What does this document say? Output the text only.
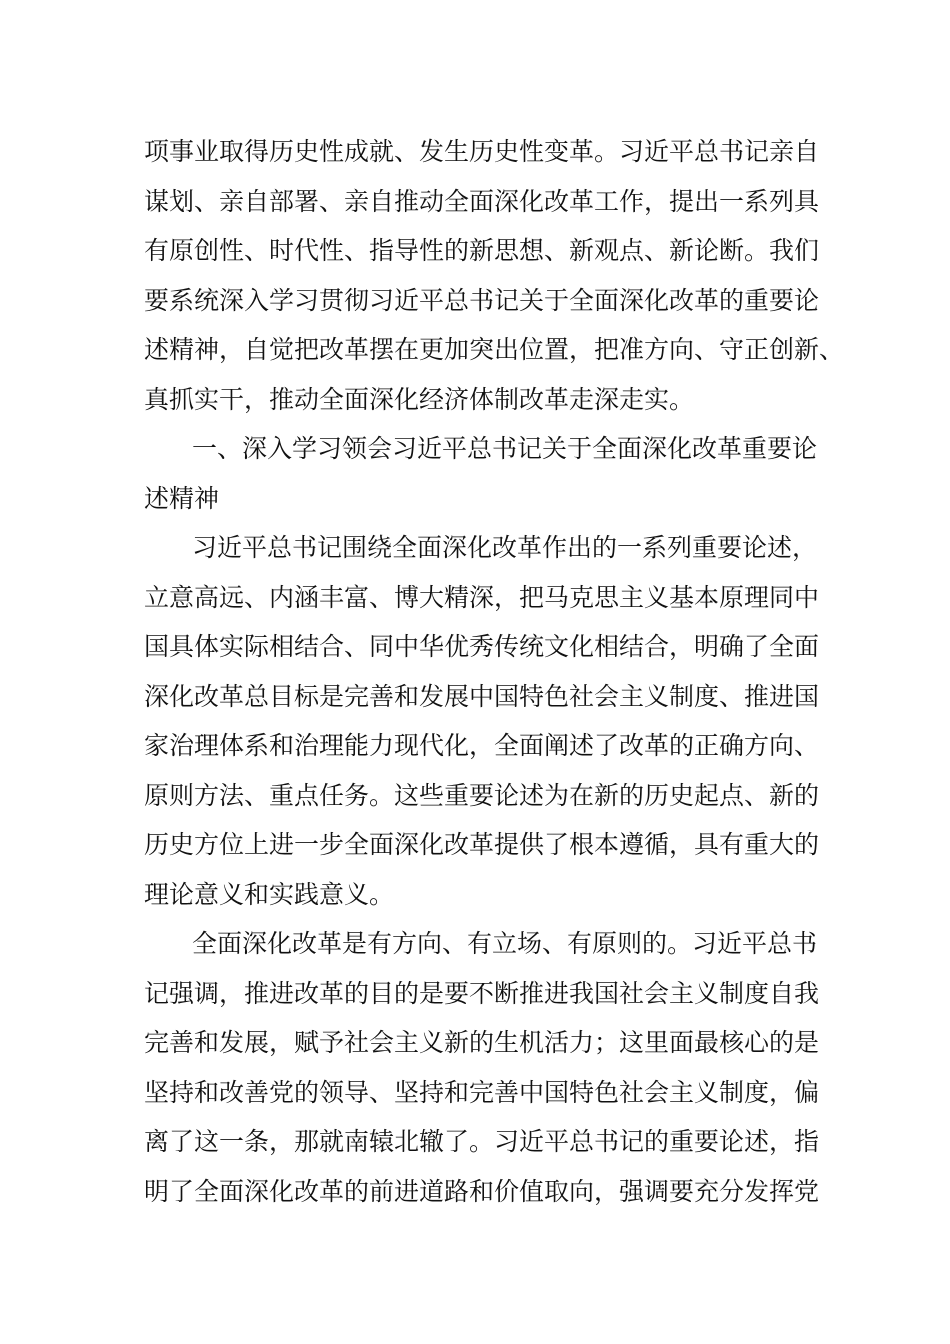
项事业取得历史性成就、发生历史性变革。习近平总书记亲自
谋划、亲自部署、亲自推动全面深化改革工作，提出一系列具
有原创性、时代性、指导性的新思想、新观点、新论断。我们
要系统深入学习贯彻习近平总书记关于全面深化改革的重要论
述精神，自觉把改革摆在更加突出位置，把准方向、守正创新、
真抓实干，推动全面深化经济体制改革走深走实。
一、深入学习领会习近平总书记关于全面深化改革重要论
述精神
习近平总书记围绕全面深化改革作出的一系列重要论述，
立意高远、内涵丰富、博大精深，把马克思主义基本原理同中
国具体实际相结合、同中华优秀传统文化相结合，明确了全面
深化改革总目标是完善和发展中国特色社会主义制度、推进国
家治理体系和治理能力现代化，全面阐述了改革的正确方向、
原则方法、重点任务。这些重要论述为在新的历史起点、新的
历史方位上进一步全面深化改革提供了根本遵循，具有重大的
理论意义和实践意义。
全面深化改革是有方向、有立场、有原则的。习近平总书
记强调，推进改革的目的是要不断推进我国社会主义制度自我
完善和发展，赋予社会主义新的生机活力；这里面最核心的是
坚持和改善党的领导、坚持和完善中国特色社会主义制度，偏
离了这一条，那就南辕北辙了。习近平总书记的重要论述，指
明了全面深化改革的前进道路和价值取向，强调要充分发挥党
